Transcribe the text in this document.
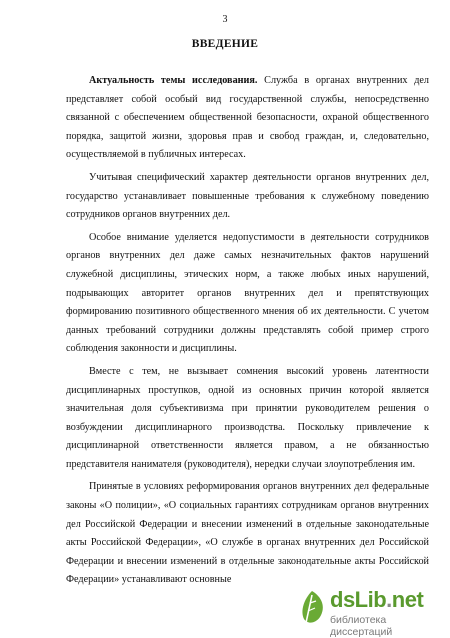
3
ВВЕДЕНИЕ

Актуальность темы исследования. Служба в органах внутренних дел представляет собой особый вид государственной службы, непосредственно связанной с обеспечением общественной безопасности, охраной общественного порядка, защитой жизни, здоровья прав и свобод граждан, и, следовательно, осуществляемой в публичных интересах.

Учитывая специфический характер деятельности органов внутренних дел, государство устанавливает повышенные требования к служебному поведению сотрудников органов внутренних дел.

Особое внимание уделяется недопустимости в деятельности сотрудников органов внутренних дел даже самых незначительных фактов нарушений служебной дисциплины, этических норм, а также любых иных нарушений, подрывающих авторитет органов внутренних дел и препятствующих формированию позитивного общественного мнения об их деятельности. С учетом данных требований сотрудники должны представлять собой пример строго соблюдения законности и дисциплины.

Вместе с тем, не вызывает сомнения высокий уровень латентности дисциплинарных проступков, одной из основных причин которой является значительная доля субъективизма при принятии руководителем решения о возбуждении дисциплинарного производства. Поскольку привлечение к дисциплинарной ответственности является правом, а не обязанностью представителя нанимателя (руководителя), нередки случаи злоупотребления им.

Принятые в условиях реформирования органов внутренних дел федеральные законы «О полиции», «О социальных гарантиях сотрудникам органов внутренних дел Российской Федерации и внесении изменений в отдельные законодательные акты Российской Федерации», «О службе в органах внутренних дел Российской Федерации и внесении изменений в отдельные законодательные акты Российской Федерации» устанавливают основные

dsLib.net
библиотека диссертаций
